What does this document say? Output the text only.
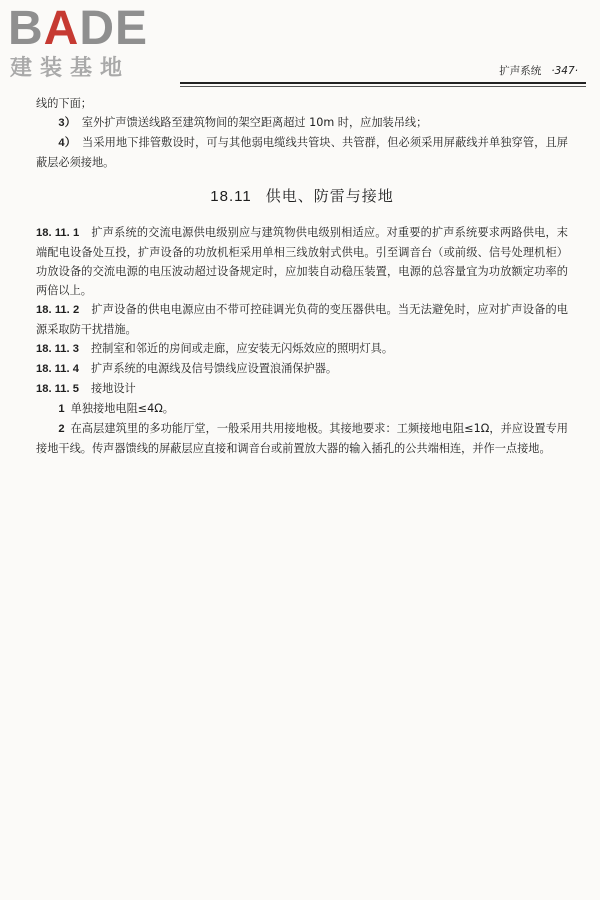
BADE
建装基地	扩声系统 ·347·

线的下面；

3） 室外扩声馈送线路至建筑物间的架空距离超过 10m 时，应加装吊线；

4） 当采用地下排管敷设时，可与其他弱电缆线共管块、共管群，但必须采用屏蔽线并单独穿管，且屏蔽层必须接地。

18.11 供电、防雷与接地

18. 11. 1 扩声系统的交流电源供电级别应与建筑物供电级别相适应。对重要的扩声系统要求两路供电，末端配电设备处互投，扩声设备的功放机柜采用单相三线放射式供电。引至调音台（或前级、信号处理机柜）功放设备的交流电源的电压波动超过设备规定时，应加装自动稳压装置，电源的总容量宜为功放额定功率的两倍以上。

18. 11. 2 扩声设备的供电电源应由不带可控硅调光负荷的变压器供电。当无法避免时，应对扩声设备的电源采取防干扰措施。

18. 11. 3 控制室和邻近的房间或走廊，应安装无闪烁效应的照明灯具。

18. 11. 4 扩声系统的电源线及信号馈线应设置浪涌保护器。

18. 11. 5 接地设计

1 单独接地电阻≤4Ω。

2 在高层建筑里的多功能厅堂，一般采用共用接地极。其接地要求：工频接地电阻≤1Ω，并应设置专用接地干线。传声器馈线的屏蔽层应直接和调音台或前置放大器的输入插孔的公共端相连，并作一点接地。
